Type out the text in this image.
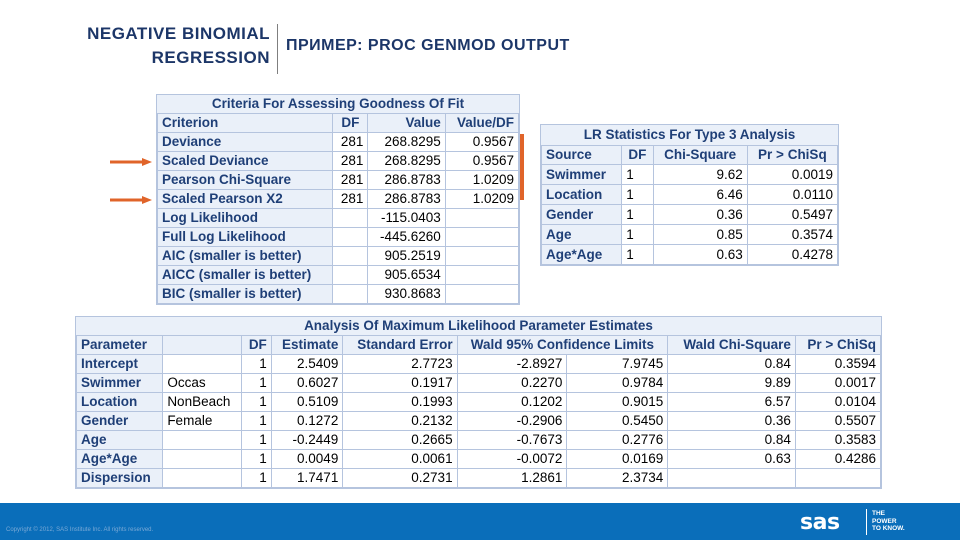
NEGATIVE BINOMIAL
REGRESSION
ПРИМЕР: PROC GENMOD OUTPUT
Criteria For Assessing Goodness Of Fit			
Criterion	DF	Value	Value/DF
Deviance	281	268.8295	0.9567
Scaled Deviance	281	268.8295	0.9567
Pearson Chi-Square	281	286.8783	1.0209
Scaled Pearson X2	281	286.8783	1.0209
Log Likelihood		-115.0403	
Full Log Likelihood		-445.6260	
AIC (smaller is better)		905.2519	
AICC (smaller is better)		905.6534	
BIC (smaller is better)		930.8683	
LR Statistics For Type 3 Analysis			
Source	DF	Chi-Square	Pr > ChiSq
Swimmer	1	9.62	0.0019
Location	1	6.46	0.0110
Gender	1	0.36	0.5497
Age	1	0.85	0.3574
Age*Age	1	0.63	0.4278
Analysis Of Maximum Likelihood Parameter Estimates								
Parameter		DF	Estimate	Standard Error	Wald 95% Confidence Limits		Wald Chi-Square	Pr > ChiSq
Intercept		1	2.5409	2.7723	-2.8927	7.9745	0.84	0.3594
Swimmer	Occas	1	0.6027	0.1917	0.2270	0.9784	9.89	0.0017
Location	NonBeach	1	0.5109	0.1993	0.1202	0.9015	6.57	0.0104
Gender	Female	1	0.1272	0.2132	-0.2906	0.5450	0.36	0.5507
Age		1	-0.2449	0.2665	-0.7673	0.2776	0.84	0.3583
Age*Age		1	0.0049	0.0061	-0.0072	0.0169	0.63	0.4286
Dispersion		1	1.7471	0.2731	1.2861	2.3734		
Copyright © 2012, SAS Institute Inc. All rights reserved.	sas	THE
POWER
TO KNOW.
